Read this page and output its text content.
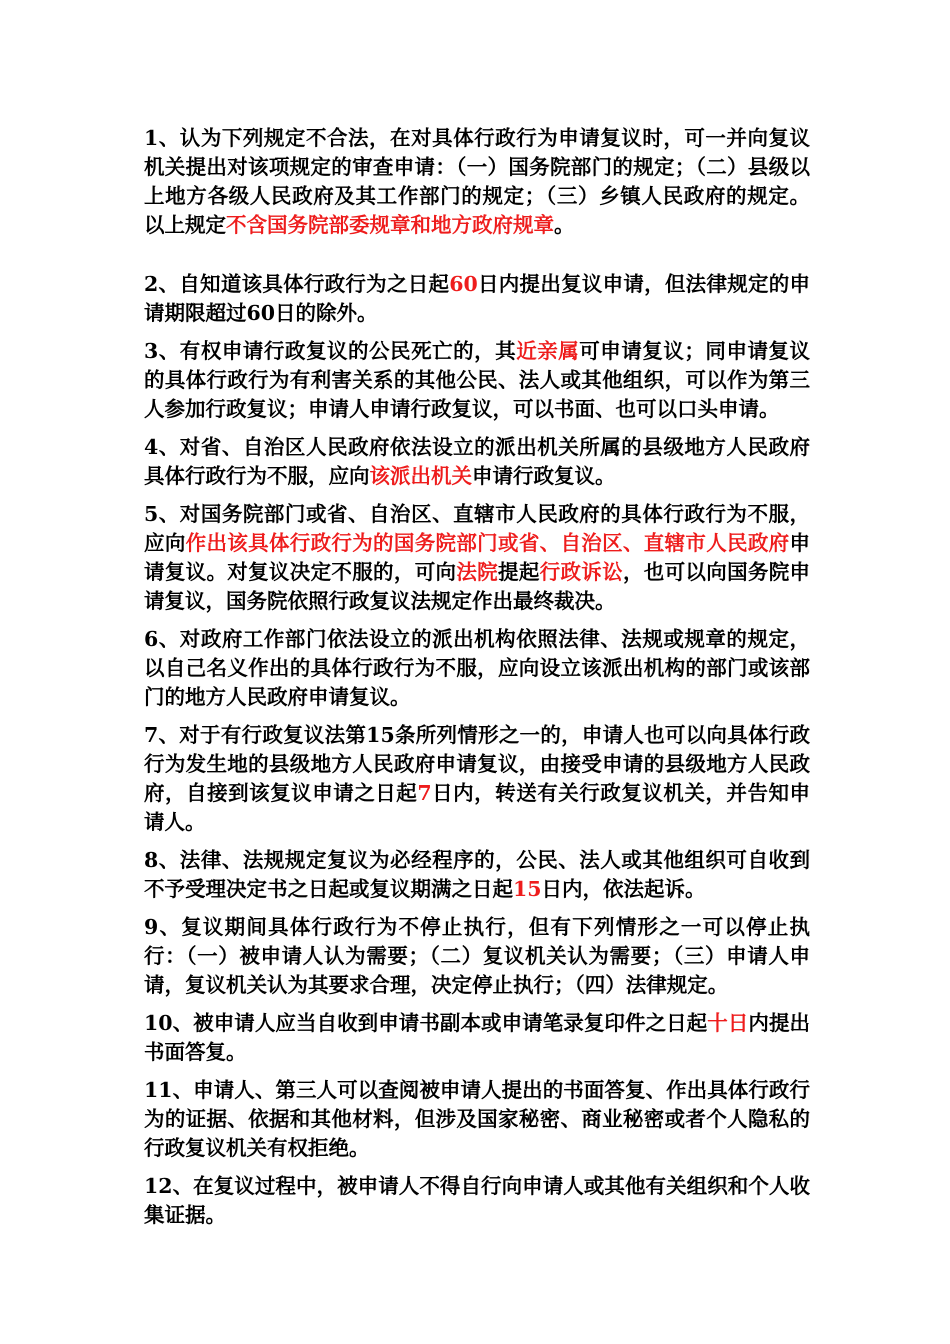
1、认为下列规定不合法，在对具体行政行为申请复议时，可一并向复议机关提出对该项规定的审查申请：（一）国务院部门的规定；（二）县级以上地方各级人民政府及其工作部门的规定；（三）乡镇人民政府的规定。以上规定不含国务院部委规章和地方政府规章。

2、自知道该具体行政行为之日起60日内提出复议申请，但法律规定的申请期限超过60日的除外。

3、有权申请行政复议的公民死亡的，其近亲属可申请复议；同申请复议的具体行政行为有利害关系的其他公民、法人或其他组织，可以作为第三人参加行政复议；申请人申请行政复议，可以书面、也可以口头申请。

4、对省、自治区人民政府依法设立的派出机关所属的县级地方人民政府具体行政行为不服，应向该派出机关申请行政复议。

5、对国务院部门或省、自治区、直辖市人民政府的具体行政行为不服，应向作出该具体行政行为的国务院部门或省、自治区、直辖市人民政府申请复议。对复议决定不服的，可向法院提起行政诉讼，也可以向国务院申请复议，国务院依照行政复议法规定作出最终裁决。

6、对政府工作部门依法设立的派出机构依照法律、法规或规章的规定，以自己名义作出的具体行政行为不服，应向设立该派出机构的部门或该部门的地方人民政府申请复议。

7、对于有行政复议法第15条所列情形之一的，申请人也可以向具体行政行为发生地的县级地方人民政府申请复议，由接受申请的县级地方人民政府，自接到该复议申请之日起7日内，转送有关行政复议机关，并告知申请人。

8、法律、法规规定复议为必经程序的，公民、法人或其他组织可自收到不予受理决定书之日起或复议期满之日起15日内，依法起诉。

9、复议期间具体行政行为不停止执行，但有下列情形之一可以停止执行：（一）被申请人认为需要；（二）复议机关认为需要；（三）申请人申请，复议机关认为其要求合理，决定停止执行；（四）法律规定。

10、被申请人应当自收到申请书副本或申请笔录复印件之日起十日内提出书面答复。

11、申请人、第三人可以查阅被申请人提出的书面答复、作出具体行政行为的证据、依据和其他材料，但涉及国家秘密、商业秘密或者个人隐私的行政复议机关有权拒绝。

12、在复议过程中，被申请人不得自行向申请人或其他有关组织和个人收集证据。
